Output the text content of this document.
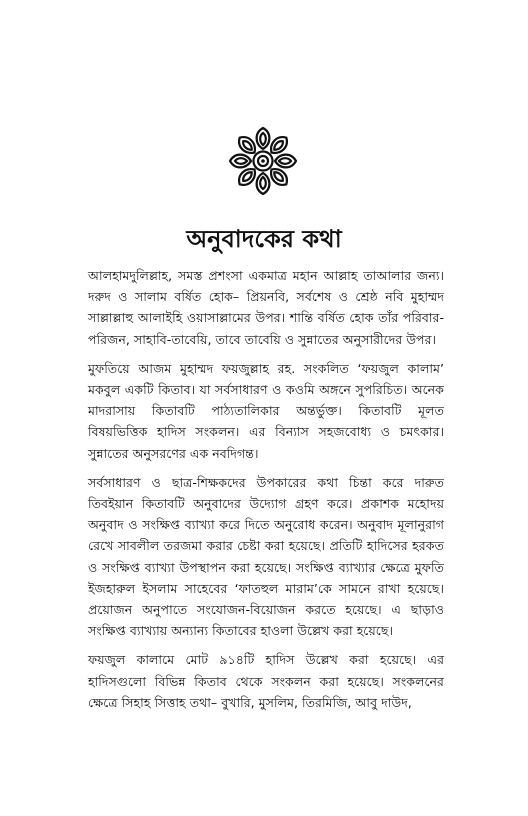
অনুবাদকের কথা

আলহামদুলিল্লাহ, সমস্ত প্রশংসা একমাত্র মহান আল্লাহ তাআলার জন্য। দরুদ ও সালাম বর্ষিত হোক– প্রিয়নবি, সর্বশেষ ও শ্রেষ্ঠ নবি মুহাম্মদ সাল্লাল্লাহু আলাইহি ওয়াসাল্লামের উপর। শান্তি বর্ষিত হোক তাঁর পরিবার-পরিজন, সাহাবি-তাবেয়ি, তাবে তাবেয়ি ও সুন্নাতের অনুসারীদের উপর।

মুফতিয়ে আজম মুহাম্মদ ফয়জুল্লাহ রহ. সংকলিত ‘ফয়জুল কালাম’ মকবুল একটি কিতাব। যা সর্বসাধারণ ও কওমি অঙ্গনে সুপরিচিত। অনেক মাদরাসায় কিতাবটি পাঠ্যতালিকার অন্তর্ভুক্ত। কিতাবটি মূলত বিষয়ভিত্তিক হাদিস সংকলন। এর বিন্যাস সহজবোধ্য ও চমৎকার। সুন্নাতের অনুসরণের এক নবদিগন্ত।

সর্বসাধারণ ও ছাত্র-শিক্ষকদের উপকারের কথা চিন্তা করে দারুত তিবইয়ান কিতাবটি অনুবাদের উদ্যোগ গ্রহণ করে। প্রকাশক মহোদয় অনুবাদ ও সংক্ষিপ্ত ব্যাখ্যা করে দিতে অনুরোধ করেন। অনুবাদ মূলানুরাগ রেখে সাবলীল তরজমা করার চেষ্টা করা হয়েছে। প্রতিটি হাদিসের হরকত ও সংক্ষিপ্ত ব্যাখ্যা উপস্থাপন করা হয়েছে। সংক্ষিপ্ত ব্যাখ্যার ক্ষেত্রে মুফতি ইজহারুল ইসলাম সাহেবের ‘ফাতহুল মারাম’কে সামনে রাখা হয়েছে। প্রয়োজন অনুপাতে সংযোজন-বিয়োজন করতে হয়েছে। এ ছাড়াও সংক্ষিপ্ত ব্যাখ্যায় অন্যান্য কিতাবের হাওলা উল্লেখ করা হয়েছে।

ফয়জুল কালামে মোট ৯১৪টি হাদিস উল্লেখ করা হয়েছে। এর হাদিসগুলো বিভিন্ন কিতাব থেকে সংকলন করা হয়েছে। সংকলনের ক্ষেত্রে সিহাহ সিত্তাহ তথা– বুখারি, মুসলিম, তিরমিজি, আবু দাউদ,
